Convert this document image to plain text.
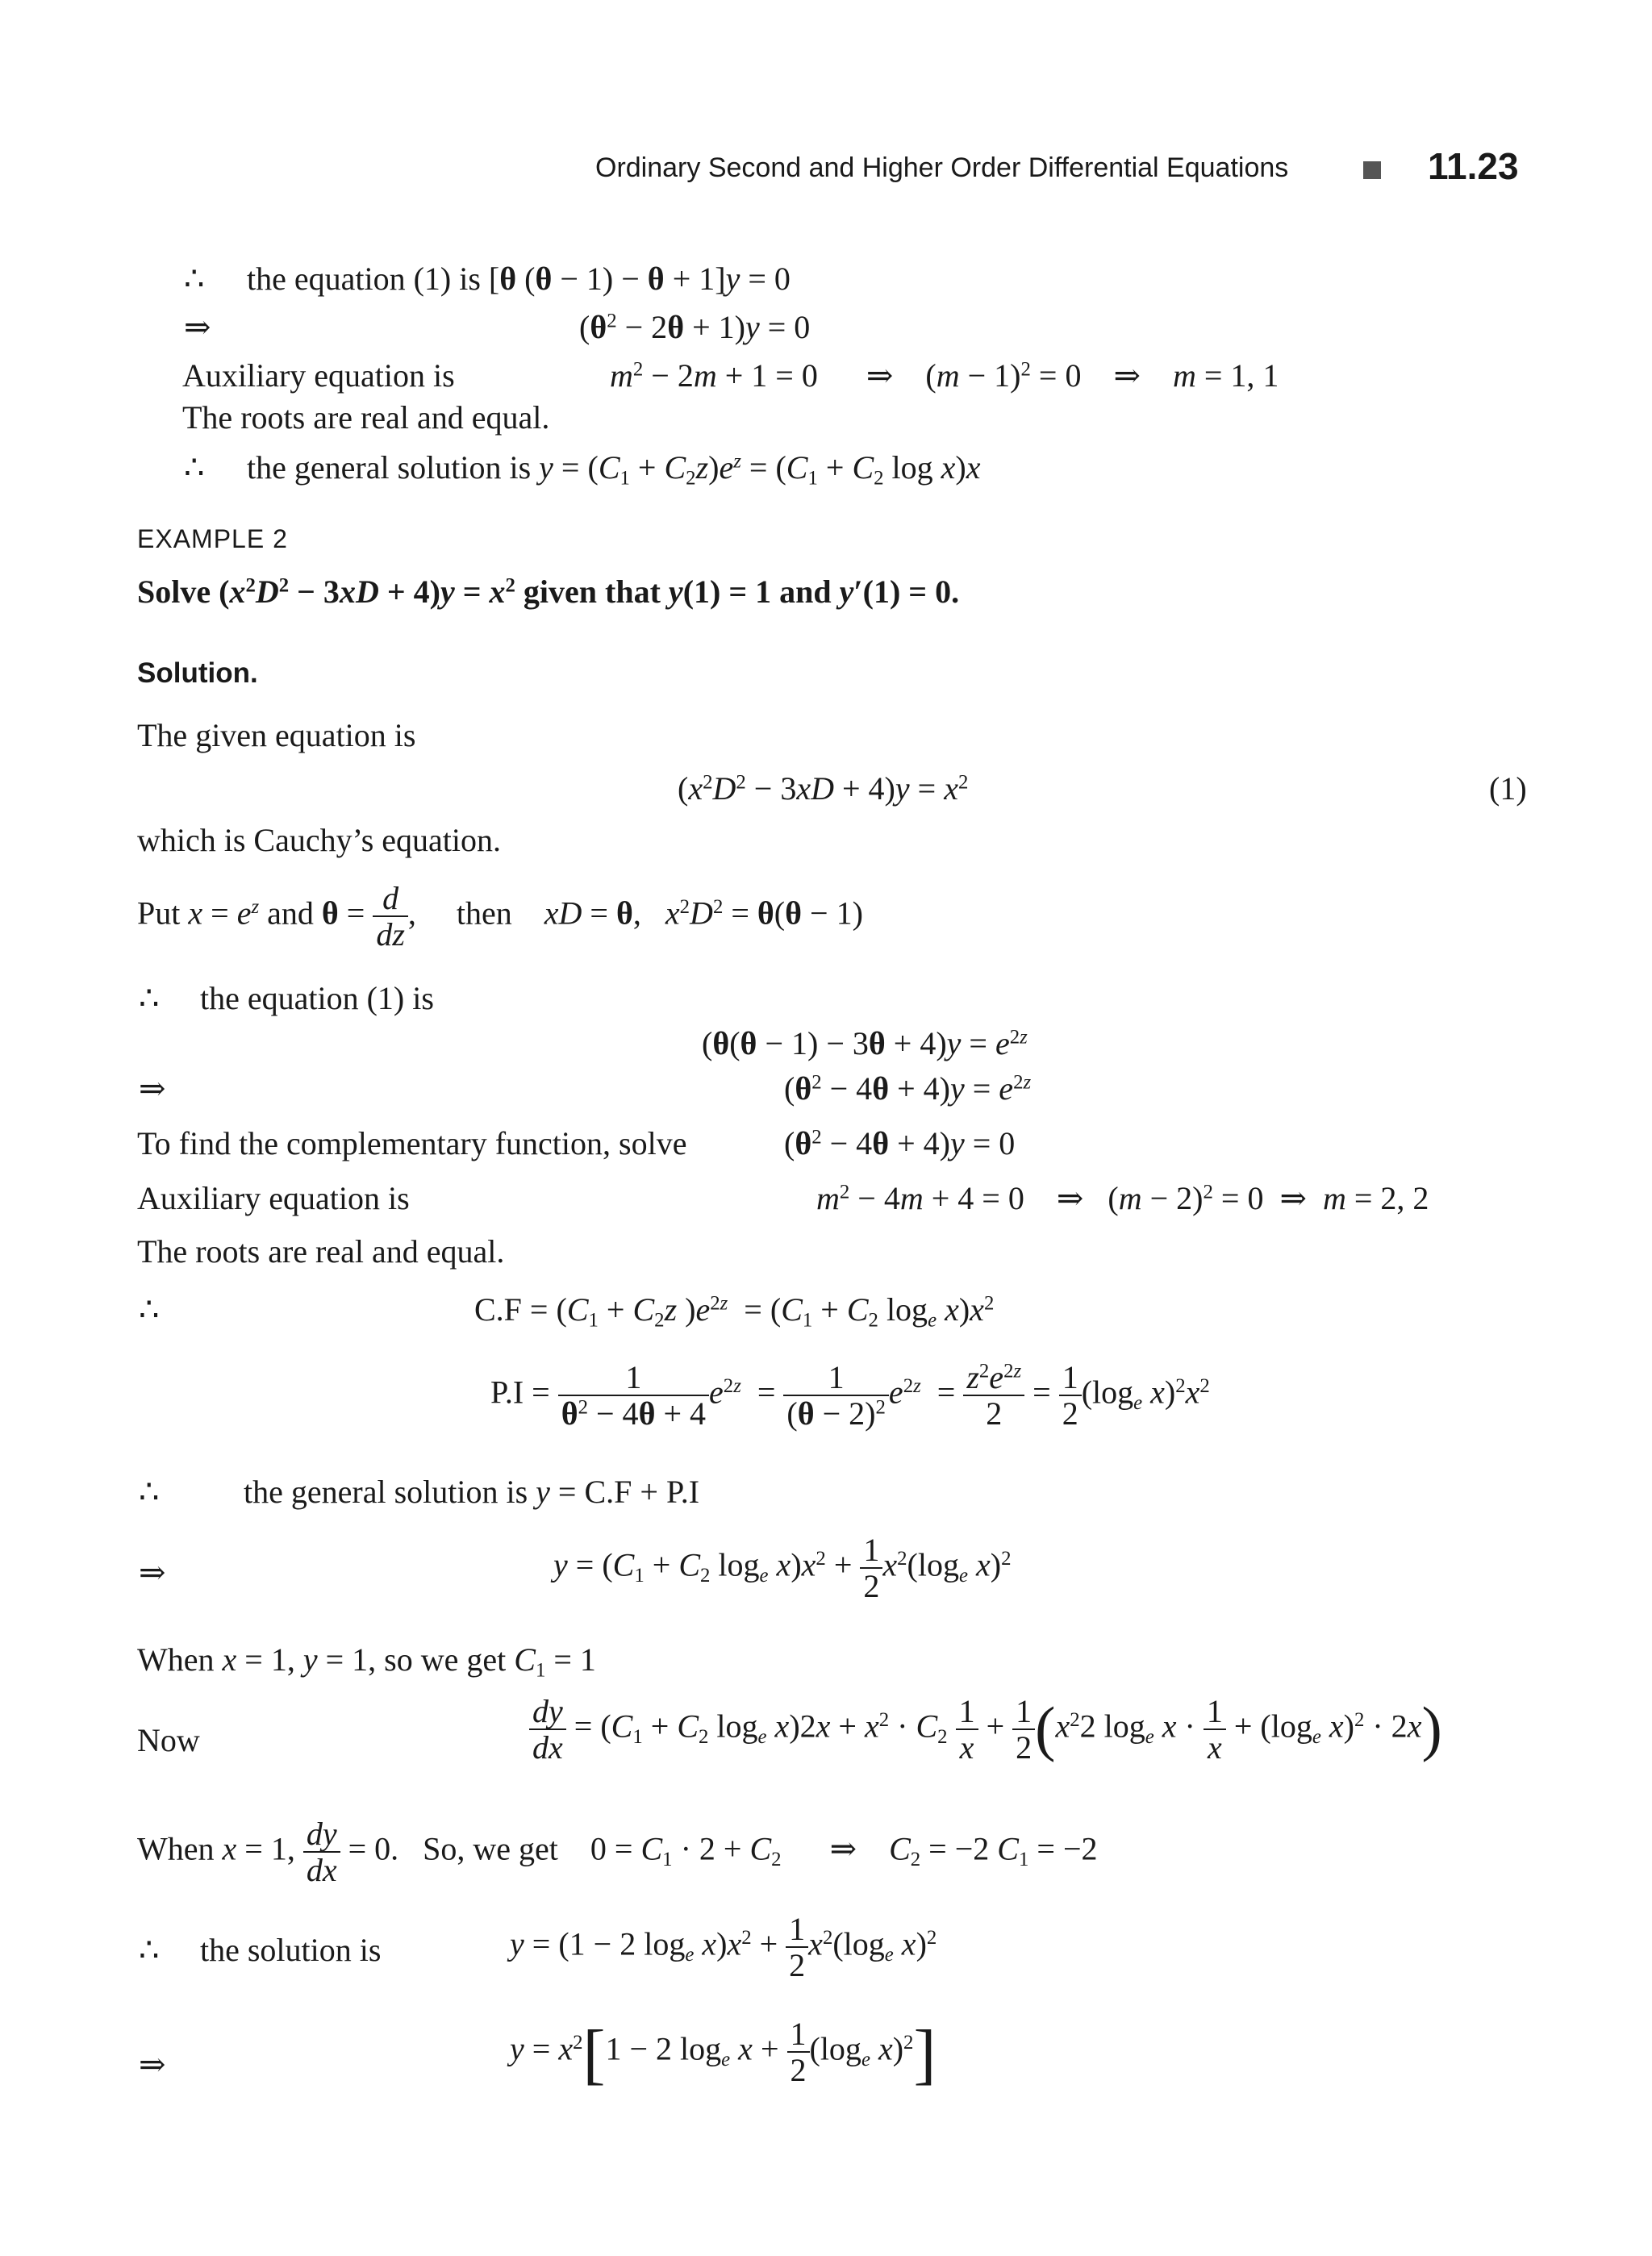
Ordinary Second and Higher Order Differential Equations	11.23
∴ the equation (1) is [θ (θ − 1) − θ + 1]y = 0
⇒	$(\theta^2 - 2\theta + 1)y = 0$
Auxiliary equation is	$m^2 - 2m + 1 = 0$      ⇒    $(m - 1)^2 = 0$    ⇒    m = 1, 1
The roots are real and equal.
∴ the general solution is $y = (C_1 + C_2z)e^z = (C_1 + C_2$ log x)x
EXAMPLE 2
Solve $(x^2D^2 - 3xD + 4)y = x^2$ given that y(1) = 1 and y′(1) = 0.
Solution.
The given equation is
$(x^2D^2 - 3xD + 4)y = x^2$	(1)
which is Cauchy’s equation.
Put $x = e^z$ and $\theta = \frac{d}{dz}$ ,     then    xD = θ,   $x^2D^2 = \theta(\theta - 1)$
∴ the equation (1) is
$(\theta(\theta - 1) - 3\theta + 4)y = e^{2z}$
⇒	$(\theta^2 - 4\theta + 4)y = e^{2z}$
To find the complementary function, solve	$(\theta^2 - 4\theta + 4)y = 0$
Auxiliary equation is	$m^2 - 4m + 4 = 0$    ⇒   $(m - 2)^2 = 0$  ⇒  m = 2, 2
The roots are real and equal.
∴	$C.F = (C_1 + C_2z$ )$e^{2z} = (C_1 + C_2$ $\log_e x)x^2$
$P.I = \frac{1}{\theta^2 - 4\theta + 4} e^{2z} = \frac{1}{(\theta - 2)^2} e^{2z} = \frac{z^2e^{2z}}{2} = \frac{1}{2} (\log_e$ $x)^2x^2$
∴	the general solution is y = C.F + P.I
⇒	$y = (C_1 + C_2$ $\log_e x)x^2 + \frac{1}{2} x^2(\log_e$ x)$^2$
When x = 1, y = 1, so we get $C_1 = 1$
Now	$\frac{dy}{dx} = (C_1 + C_2$ $\log_e x)2x + x^2 \cdot C_2 \frac{1}{x} + \frac{1}{2} (x^22$ $\log_e x \cdot \frac{1}{x} + (\log_e$ x)$^2$ · 2x)
When x = 1, $\frac{dy}{dx} = 0$.   So, we get    $0 = C_1 \cdot 2 + C_2$      ⇒    $C_2 = -2$ $C_1 = -2$
∴ the solution is	y = (1 − 2 $\log_e x)x^2 + \frac{1}{2} x^2(\log_e$ x)$^2$
⇒	$y = x^2[1 - 2$ $\log_e x + \frac{1}{2} (\log_e$ x)$^2$]
